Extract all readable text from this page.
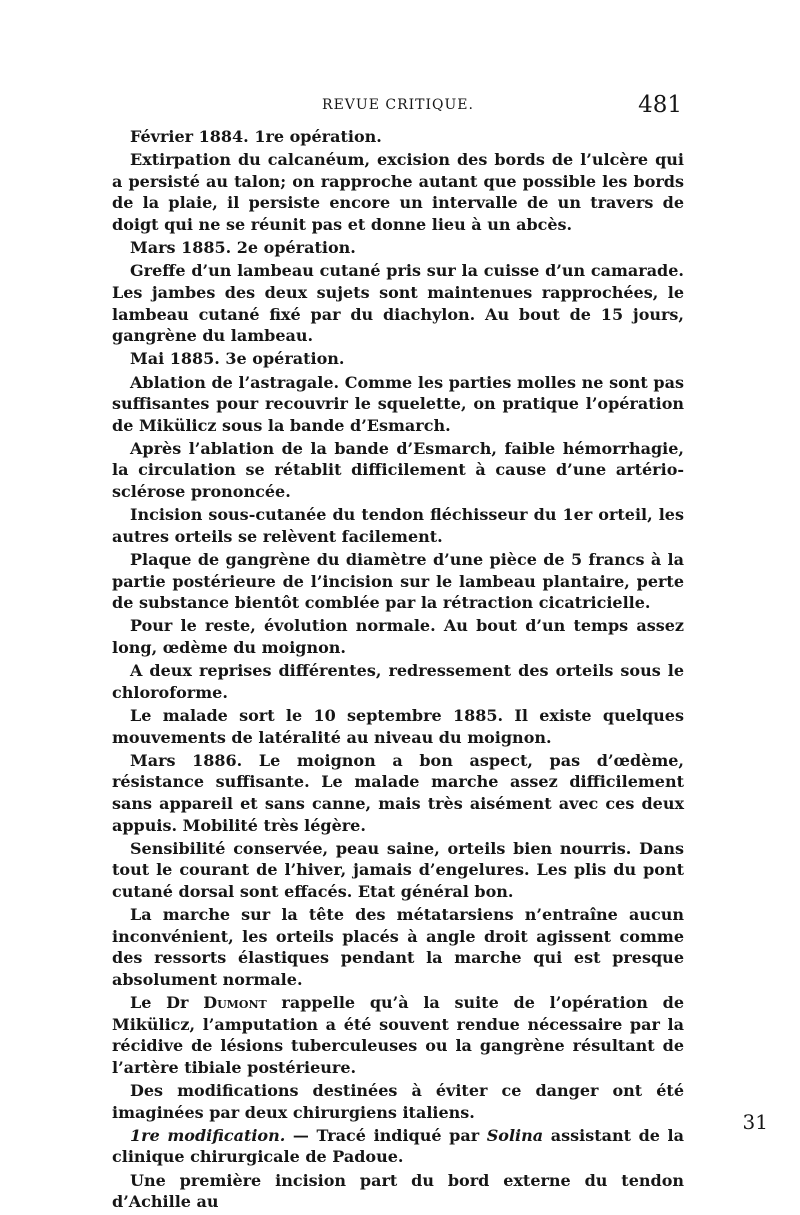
REVUE CRITIQUE.	481

Février 1884. 1re opération.

Extirpation du calcanéum, excision des bords de l’ulcère qui a persisté au talon; on rapproche autant que possible les bords de la plaie, il persiste encore un intervalle de un travers de doigt qui ne se réunit pas et donne lieu à un abcès.

Mars 1885. 2e opération.

Greffe d’un lambeau cutané pris sur la cuisse d’un camarade. Les jambes des deux sujets sont maintenues rapprochées, le lambeau cutané fixé par du diachylon. Au bout de 15 jours, gangrène du lambeau.

Mai 1885. 3e opération.

Ablation de l’astragale. Comme les parties molles ne sont pas suffisantes pour recouvrir le squelette, on pratique l’opération de Mikülicz sous la bande d’Esmarch.

Après l’ablation de la bande d’Esmarch, faible hémorrhagie, la circulation se rétablit difficilement à cause d’une artério-sclérose prononcée.

Incision sous-cutanée du tendon fléchisseur du 1er orteil, les autres orteils se relèvent facilement.

Plaque de gangrène du diamètre d’une pièce de 5 francs à la partie postérieure de l’incision sur le lambeau plantaire, perte de substance bientôt comblée par la rétraction cicatricielle.

Pour le reste, évolution normale. Au bout d’un temps assez long, œdème du moignon.

A deux reprises différentes, redressement des orteils sous le chloroforme.

Le malade sort le 10 septembre 1885. Il existe quelques mouvements de latéralité au niveau du moignon.

Mars 1886. Le moignon a bon aspect, pas d’œdème, résistance suffisante. Le malade marche assez difficilement sans appareil et sans canne, mais très aisément avec ces deux appuis. Mobilité très légère.

Sensibilité conservée, peau saine, orteils bien nourris. Dans tout le courant de l’hiver, jamais d’engelures. Les plis du pont cutané dorsal sont effacés. Etat général bon.

La marche sur la tête des métatarsiens n’entraîne aucun inconvénient, les orteils placés à angle droit agissent comme des ressorts élastiques pendant la marche qui est presque absolument normale.

Le Dr Dumont rappelle qu’à la suite de l’opération de Mikülicz, l’amputation a été souvent rendue nécessaire par la récidive de lésions tuberculeuses ou la gangrène résultant de l’artère tibiale postérieure.

Des modifications destinées à éviter ce danger ont été imaginées par deux chirurgiens italiens.

1re modification. — Tracé indiqué par Solina assistant de la clinique chirurgicale de Padoue.

Une première incision part du bord externe du tendon d’Achille au

31
